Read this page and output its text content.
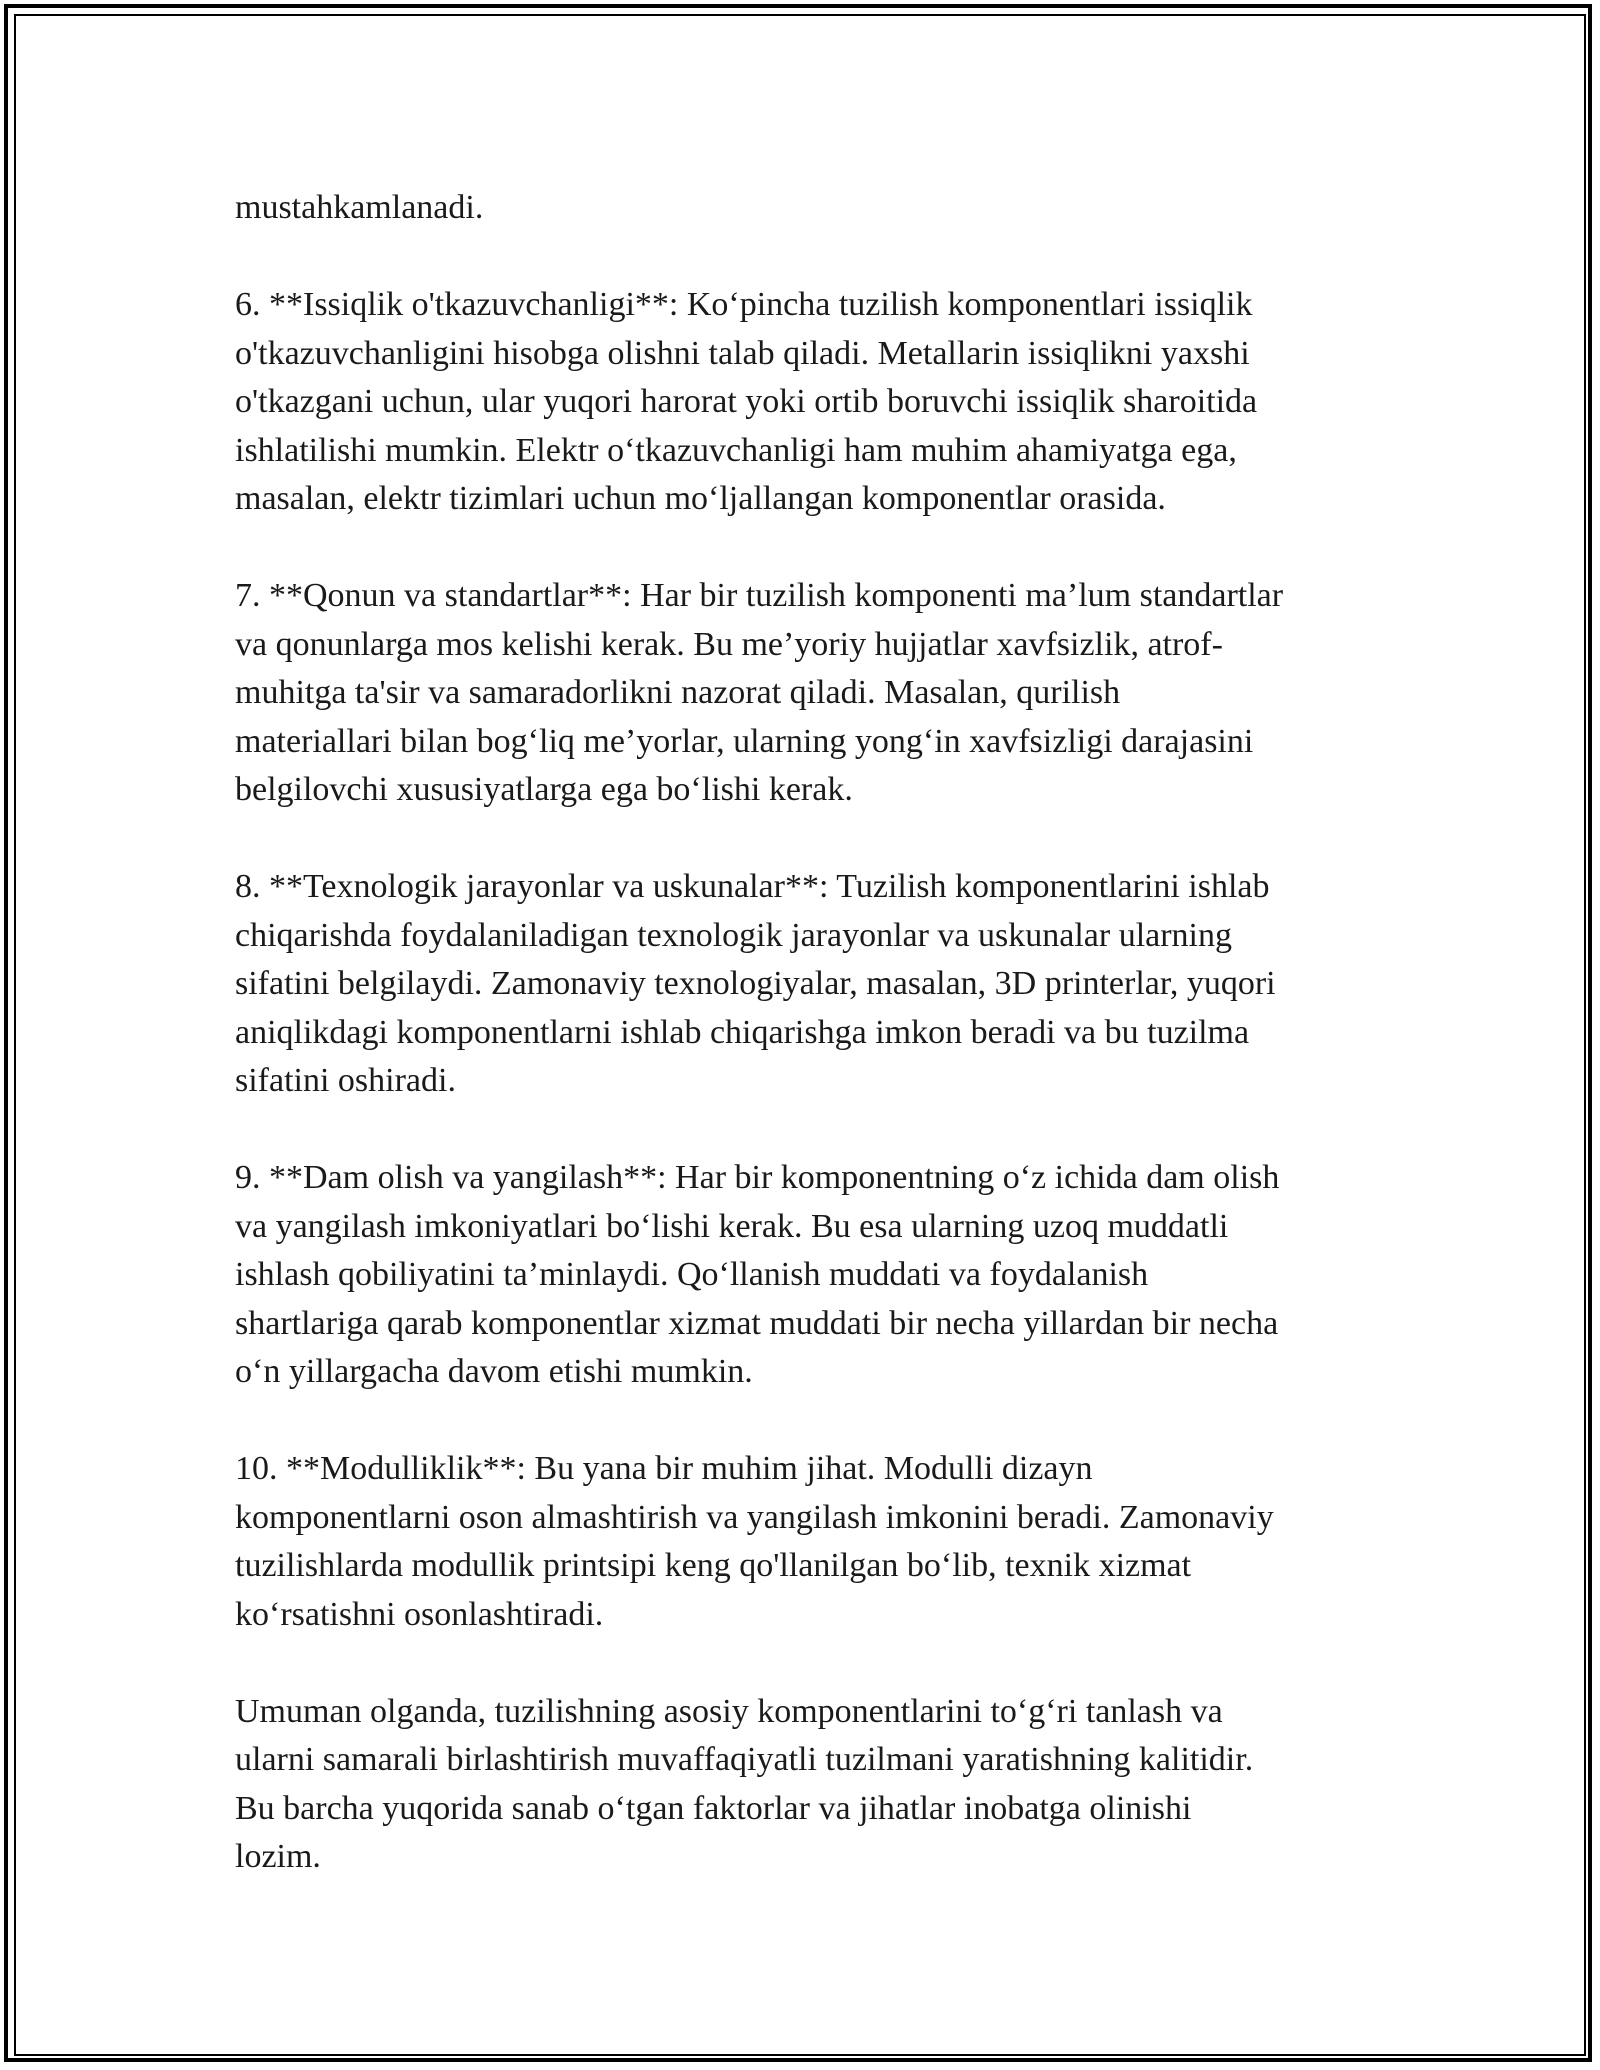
mustahkamlanadi.

6. **Issiqlik o'tkazuvchanligi**: Koʻpincha tuzilish komponentlari issiqlik
o'tkazuvchanligini hisobga olishni talab qiladi. Metallarin issiqlikni yaxshi
o'tkazgani uchun, ular yuqori harorat yoki ortib boruvchi issiqlik sharoitida
ishlatilishi mumkin. Elektr oʻtkazuvchanligi ham muhim ahamiyatga ega,
masalan, elektr tizimlari uchun moʻljallangan komponentlar orasida.

7. **Qonun va standartlar**: Har bir tuzilish komponenti ma’lum standartlar
va qonunlarga mos kelishi kerak. Bu me’yoriy hujjatlar xavfsizlik, atrof-
muhitga ta'sir va samaradorlikni nazorat qiladi. Masalan, qurilish
materiallari bilan bogʻliq me’yorlar, ularning yongʻin xavfsizligi darajasini
belgilovchi xususiyatlarga ega boʻlishi kerak.

8. **Texnologik jarayonlar va uskunalar**: Tuzilish komponentlarini ishlab
chiqarishda foydalaniladigan texnologik jarayonlar va uskunalar ularning
sifatini belgilaydi. Zamonaviy texnologiyalar, masalan, 3D printerlar, yuqori
aniqlikdagi komponentlarni ishlab chiqarishga imkon beradi va bu tuzilma
sifatini oshiradi.

9. **Dam olish va yangilash**: Har bir komponentning oʻz ichida dam olish
va yangilash imkoniyatlari boʻlishi kerak. Bu esa ularning uzoq muddatli
ishlash qobiliyatini ta’minlaydi. Qoʻllanish muddati va foydalanish
shartlariga qarab komponentlar xizmat muddati bir necha yillardan bir necha
oʻn yillargacha davom etishi mumkin.

10. **Modulliklik**: Bu yana bir muhim jihat. Modulli dizayn
komponentlarni oson almashtirish va yangilash imkonini beradi. Zamonaviy
tuzilishlarda modullik printsipi keng qo'llanilgan boʻlib, texnik xizmat
koʻrsatishni osonlashtiradi.

Umuman olganda, tuzilishning asosiy komponentlarini toʻgʻri tanlash va
ularni samarali birlashtirish muvaffaqiyatli tuzilmani yaratishning kalitidir.
Bu barcha yuqorida sanab oʻtgan faktorlar va jihatlar inobatga olinishi
lozim.
